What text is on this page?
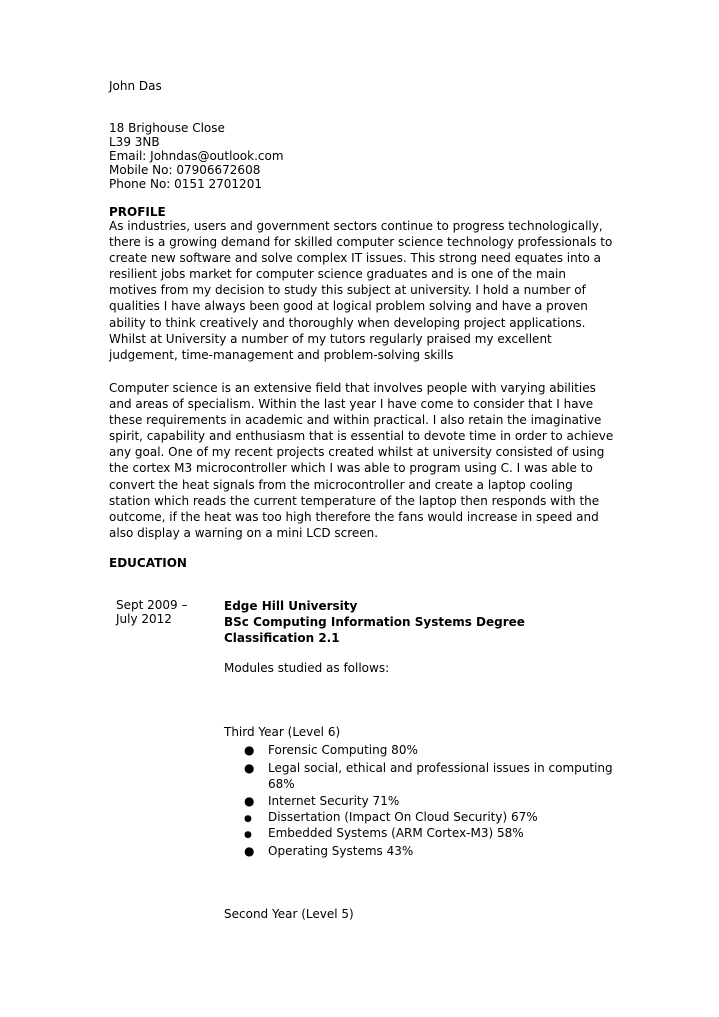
John Das
18 Brighouse Close
L39 3NB
Email: Johndas@outlook.com
Mobile No: 07906672608
Phone No: 0151 2701201
PROFILE
As industries, users and government sectors continue to progress technologically,
there is a growing demand for skilled computer science technology professionals to
create new software and solve complex IT issues. This strong need equates into a
resilient jobs market for computer science graduates and is one of the main
motives from my decision to study this subject at university. I hold a number of
qualities I have always been good at logical problem solving and have a proven
ability to think creatively and thoroughly when developing project applications.
Whilst at University a number of my tutors regularly praised my excellent
judgement, time-management and problem-solving skills
Computer science is an extensive field that involves people with varying abilities
and areas of specialism. Within the last year I have come to consider that I have
these requirements in academic and within practical. I also retain the imaginative
spirit, capability and enthusiasm that is essential to devote time in order to achieve
any goal. One of my recent projects created whilst at university consisted of using
the cortex M3 microcontroller which I was able to program using C. I was able to
convert the heat signals from the microcontroller and create a laptop cooling
station which reads the current temperature of the laptop then responds with the
outcome, if the heat was too high therefore the fans would increase in speed and
also display a warning on a mini LCD screen.
EDUCATION
Sept 2009 –
July 2012
Edge Hill University
BSc Computing Information Systems Degree
Classification 2.1
Modules studied as follows:
Third Year (Level 6)
● Forensic Computing 80%
● Legal social, ethical and professional issues in computing
68%
● Internet Security 71%
● Dissertation (Impact On Cloud Security) 67%
● Embedded Systems (ARM Cortex-M3) 58%
● Operating Systems 43%
Second Year (Level 5)
